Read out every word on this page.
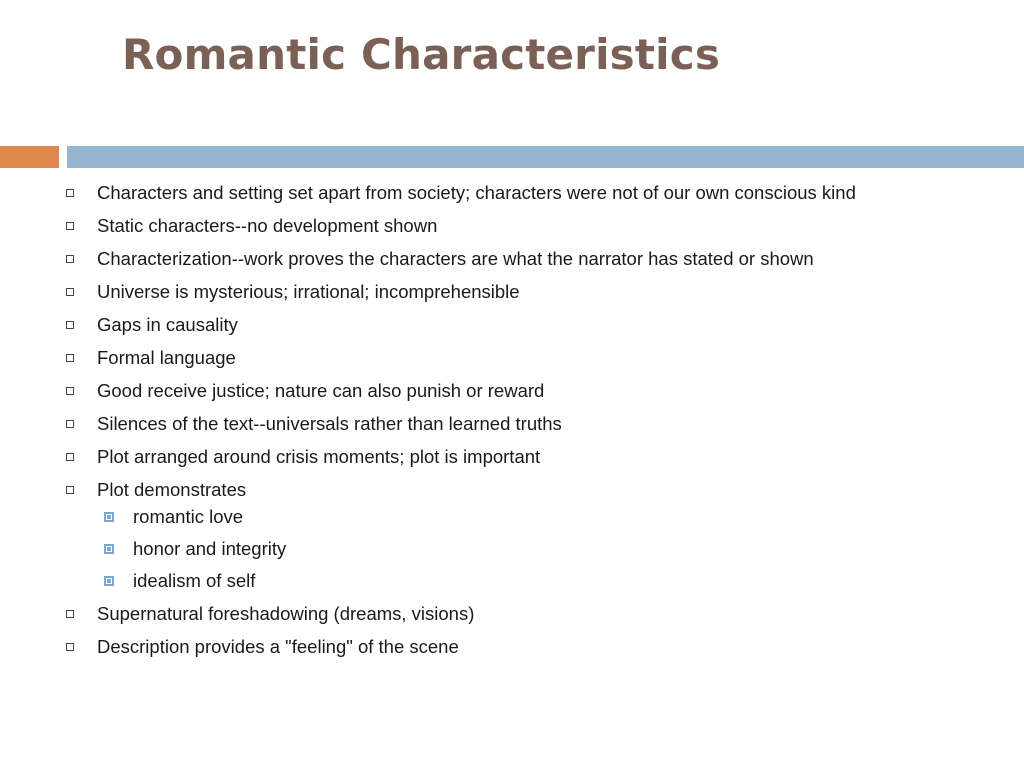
Romantic Characteristics
Characters and setting set apart from society; characters were not of our own conscious kind
Static characters--no development shown
Characterization--work proves the characters are what the narrator has stated or shown
Universe is mysterious; irrational; incomprehensible
Gaps in causality
Formal language
Good receive justice; nature can also punish or reward
Silences of the text--universals rather than learned truths
Plot arranged around crisis moments; plot is important
Plot demonstrates
romantic love
honor and integrity
idealism of self
Supernatural foreshadowing (dreams, visions)
Description provides a "feeling" of the scene
